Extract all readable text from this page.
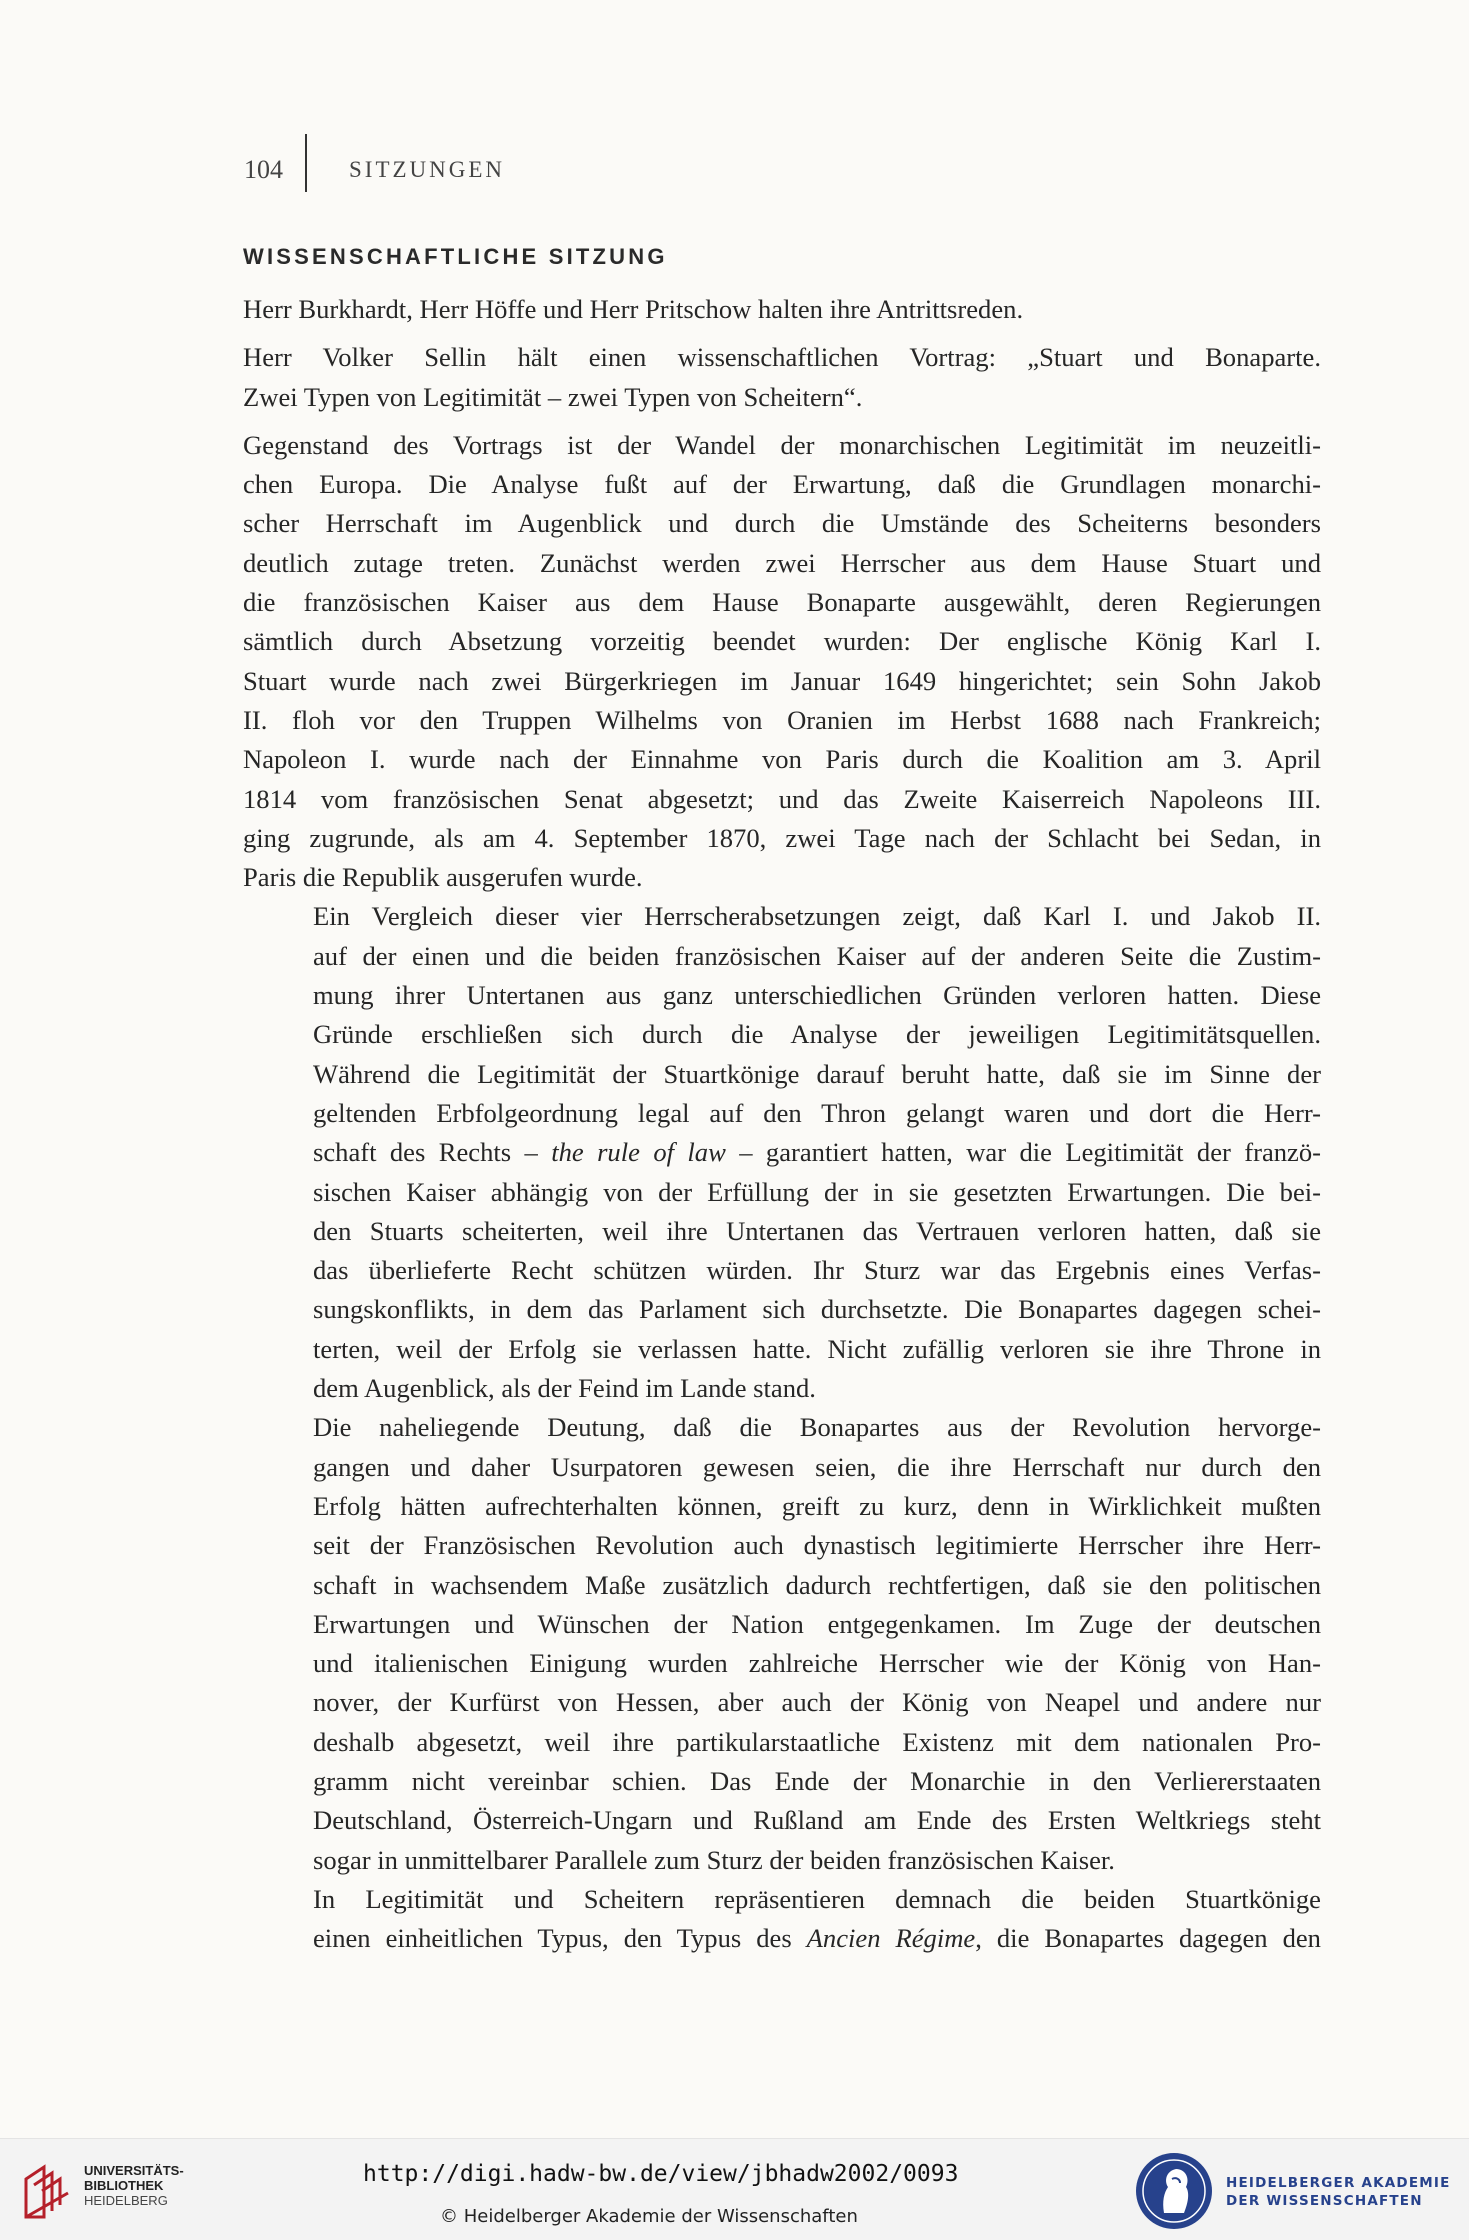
104	SITZUNGEN
WISSENSCHAFTLICHE SITZUNG

Herr Burkhardt, Herr Höffe und Herr Pritschow halten ihre Antrittsreden.

Herr Volker Sellin hält einen wissenschaftlichen Vortrag: „Stuart und Bonaparte.
Zwei Typen von Legitimität – zwei Typen von Scheitern“.

Gegenstand des Vortrags ist der Wandel der monarchischen Legitimität im neuzeitli-
chen Europa. Die Analyse fußt auf der Erwartung, daß die Grundlagen monarchi-
scher Herrschaft im Augenblick und durch die Umstände des Scheiterns besonders
deutlich zutage treten. Zunächst werden zwei Herrscher aus dem Hause Stuart und
die französischen Kaiser aus dem Hause Bonaparte ausgewählt, deren Regierungen
sämtlich durch Absetzung vorzeitig beendet wurden: Der englische König Karl I.
Stuart wurde nach zwei Bürgerkriegen im Januar 1649 hingerichtet; sein Sohn Jakob
II. floh vor den Truppen Wilhelms von Oranien im Herbst 1688 nach Frankreich;
Napoleon I. wurde nach der Einnahme von Paris durch die Koalition am 3. April
1814 vom französischen Senat abgesetzt; und das Zweite Kaiserreich Napoleons III.
ging zugrunde, als am 4. September 1870, zwei Tage nach der Schlacht bei Sedan, in
Paris die Republik ausgerufen wurde.

Ein Vergleich dieser vier Herrscherabsetzungen zeigt, daß Karl I. und Jakob II.
auf der einen und die beiden französischen Kaiser auf der anderen Seite die Zustim-
mung ihrer Untertanen aus ganz unterschiedlichen Gründen verloren hatten. Diese
Gründe erschließen sich durch die Analyse der jeweiligen Legitimitätsquellen.
Während die Legitimität der Stuartkönige darauf beruht hatte, daß sie im Sinne der
geltenden Erbfolgeordnung legal auf den Thron gelangt waren und dort die Herr-
schaft des Rechts – the rule of law – garantiert hatten, war die Legitimität der franzö-
sischen Kaiser abhängig von der Erfüllung der in sie gesetzten Erwartungen. Die bei-
den Stuarts scheiterten, weil ihre Untertanen das Vertrauen verloren hatten, daß sie
das überlieferte Recht schützen würden. Ihr Sturz war das Ergebnis eines Verfas-
sungskonflikts, in dem das Parlament sich durchsetzte. Die Bonapartes dagegen schei-
terten, weil der Erfolg sie verlassen hatte. Nicht zufällig verloren sie ihre Throne in
dem Augenblick, als der Feind im Lande stand.

Die naheliegende Deutung, daß die Bonapartes aus der Revolution hervorge-
gangen und daher Usurpatoren gewesen seien, die ihre Herrschaft nur durch den
Erfolg hätten aufrechterhalten können, greift zu kurz, denn in Wirklichkeit mußten
seit der Französischen Revolution auch dynastisch legitimierte Herrscher ihre Herr-
schaft in wachsendem Maße zusätzlich dadurch rechtfertigen, daß sie den politischen
Erwartungen und Wünschen der Nation entgegenkamen. Im Zuge der deutschen
und italienischen Einigung wurden zahlreiche Herrscher wie der König von Han-
nover, der Kurfürst von Hessen, aber auch der König von Neapel und andere nur
deshalb abgesetzt, weil ihre partikularstaatliche Existenz mit dem nationalen Pro-
gramm nicht vereinbar schien. Das Ende der Monarchie in den Verliererstaaten
Deutschland, Österreich-Ungarn und Rußland am Ende des Ersten Weltkriegs steht
sogar in unmittelbarer Parallele zum Sturz der beiden französischen Kaiser.

In Legitimität und Scheitern repräsentieren demnach die beiden Stuartkönige
einen einheitlichen Typus, den Typus des Ancien Régime, die Bonapartes dagegen den

UNIVERSITÄTS-
BIBLIOTHEK
HEIDELBERG
http://digi.hadw-bw.de/view/jbhadw2002/0093
© Heidelberger Akademie der Wissenschaften
HEIDELBERGER AKADEMIE
DER WISSENSCHAFTEN
